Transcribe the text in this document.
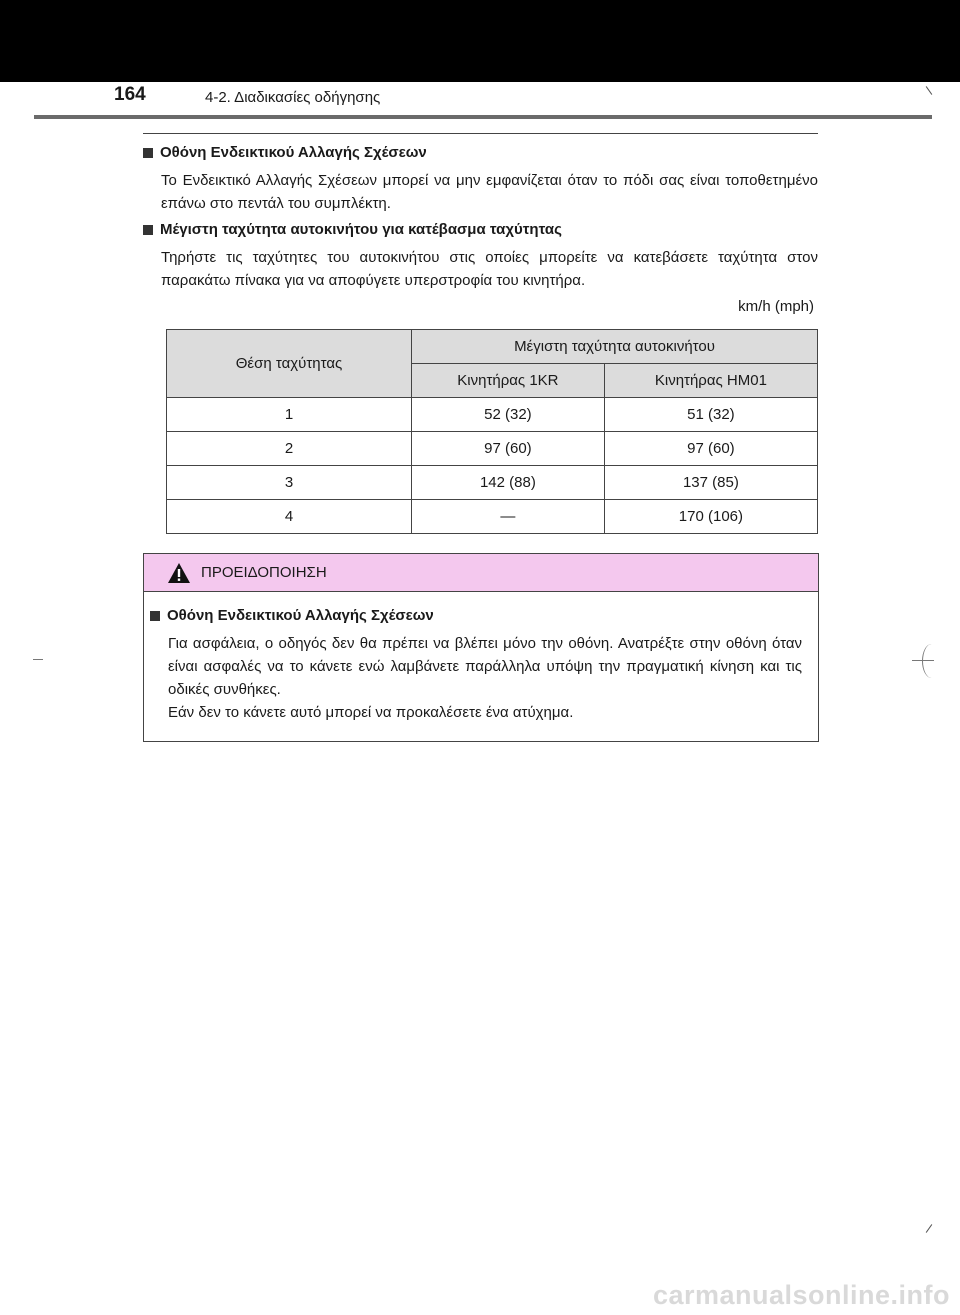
164	4-2. Διαδικασίες οδήγησης
Οθόνη Ενδεικτικού Αλλαγής Σχέσεων
Το Ενδεικτικό Αλλαγής Σχέσεων μπορεί να μην εμφανίζεται όταν το πόδι σας είναι τοποθετημένο επάνω στο πεντάλ του συμπλέκτη.
Μέγιστη ταχύτητα αυτοκινήτου για κατέβασμα ταχύτητας
Τηρήστε τις ταχύτητες του αυτοκινήτου στις οποίες μπορείτε να κατεβάσετε ταχύτητα στον παρακάτω πίνακα για να αποφύγετε υπερστροφία του κινητήρα.
km/h (mph)
Θέση ταχύτητας	Μέγιστη ταχύτητα αυτοκινήτου	
	Κινητήρας 1KR	Κινητήρας HM01
1	52 (32)	51 (32)
2	97 (60)	97 (60)
3	142 (88)	137 (85)
4	—	170 (106)
ΠΡΟΕΙΔΟΠΟΙΗΣΗ
Οθόνη Ενδεικτικού Αλλαγής Σχέσεων
Για ασφάλεια, ο οδηγός δεν θα πρέπει να βλέπει μόνο την οθόνη. Ανατρέξτε στην οθόνη όταν είναι ασφαλές να το κάνετε ενώ λαμβάνετε παράλληλα υπόψη την πραγματική κίνηση και τις οδικές συνθήκες.
Εάν δεν το κάνετε αυτό μπορεί να προκαλέσετε ένα ατύχημα.
carmanualsonline.info
